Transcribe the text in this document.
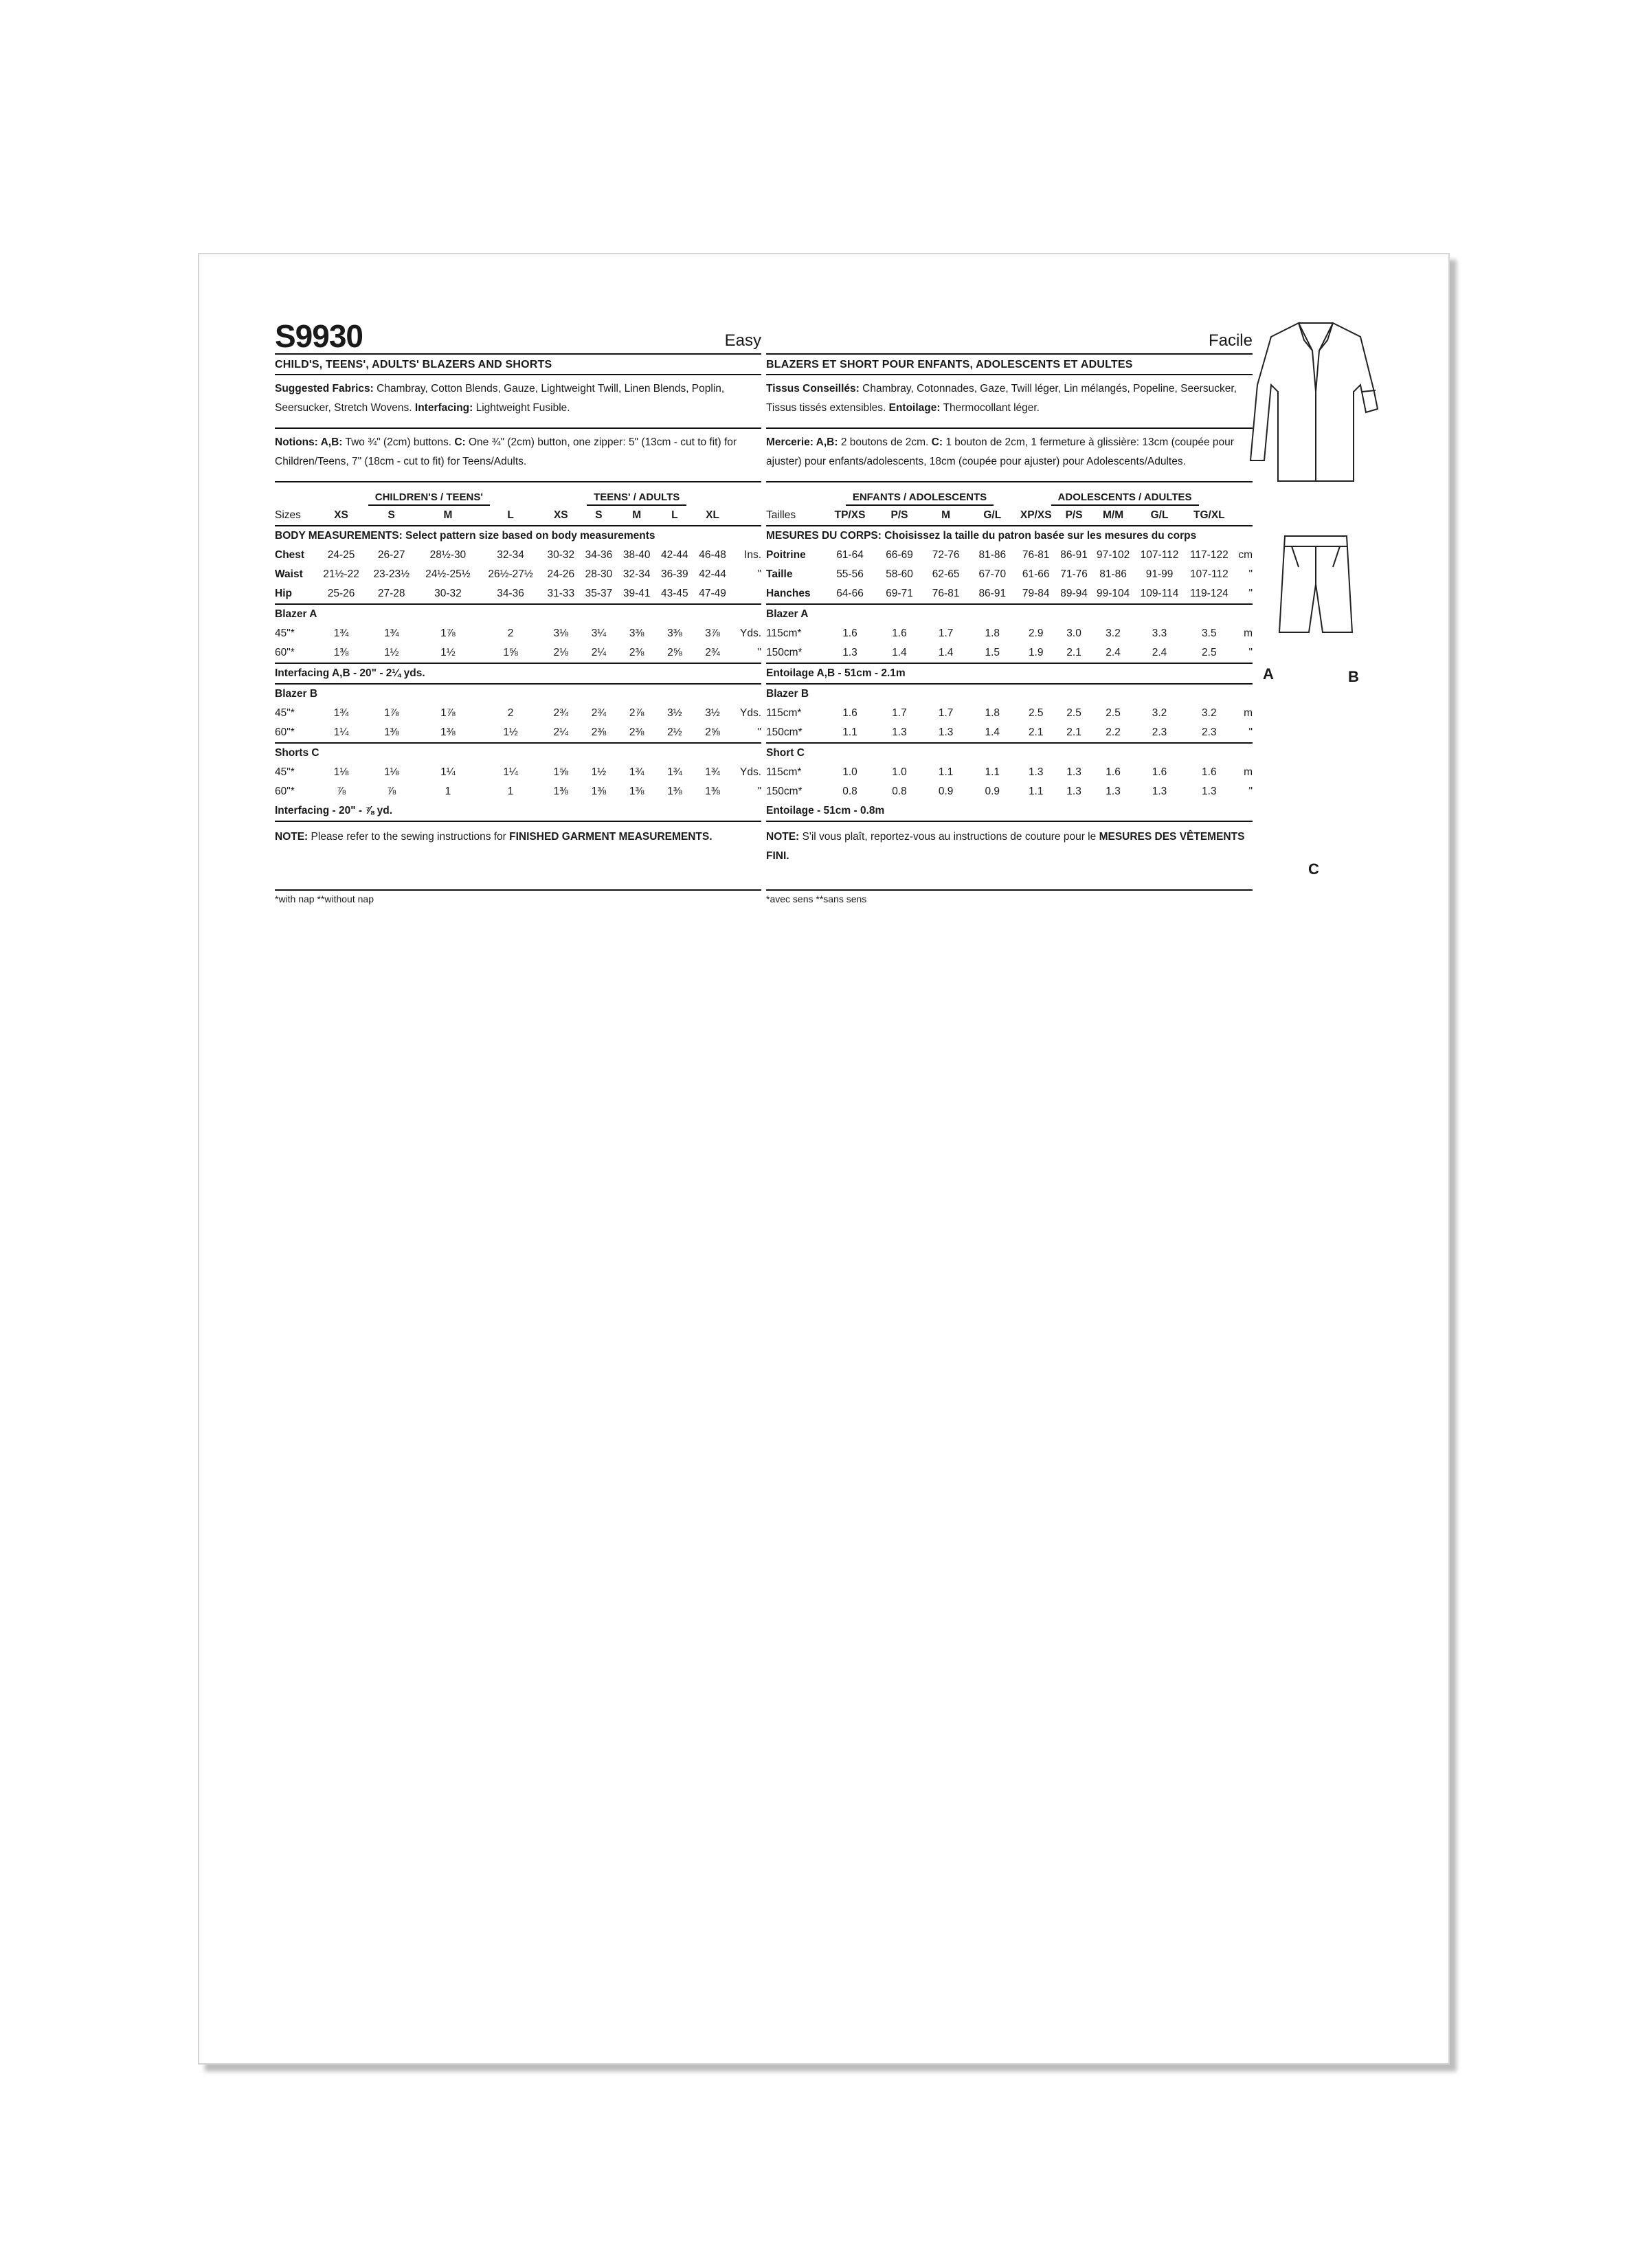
S9930	Easy
CHILD'S, TEENS', ADULTS' BLAZERS AND SHORTS
Suggested Fabrics: Chambray, Cotton Blends, Gauze, Lightweight Twill, Linen Blends, Poplin, Seersucker, Stretch Wovens. Interfacing: Lightweight Fusible.
Notions: A,B: Two ¾" (2cm) buttons. C: One ¾" (2cm) button, one zipper: 5" (13cm - cut to fit) for Children/Teens, 7" (18cm - cut to fit) for Teens/Adults.
	CHILDREN'S / TEENS'				TEENS' / ADULTS					
Sizes	XS	S	M	L	XS	S	M	L	XL	
BODY MEASUREMENTS: Select pattern size based on body measurements										
Chest	24-25	26-27	28½-30	32-34	30-32	34-36	38-40	42-44	46-48	Ins.
Waist	21½-22	23-23½	24½-25½	26½-27½	24-26	28-30	32-34	36-39	42-44	"
Hip	25-26	27-28	30-32	34-36	31-33	35-37	39-41	43-45	47-49	
Blazer A										
45"*	1¾	1¾	1⅞	2	3⅛	3¼	3⅜	3⅜	3⅞	Yds.
60"*	1⅜	1½	1½	1⅝	2⅛	2¼	2⅜	2⅝	2¾	"
Interfacing A,B - 20" - 2¼ yds.										
Blazer B										
45"*	1¾	1⅞	1⅞	2	2¾	2¾	2⅞	3½	3½	Yds.
60"*	1¼	1⅜	1⅜	1½	2¼	2⅜	2⅜	2½	2⅝	"
Shorts C										
45"*	1⅛	1⅛	1¼	1¼	1⅝	1½	1¾	1¾	1¾	Yds.
60"*	⅞	⅞	1	1	1⅜	1⅜	1⅜	1⅜	1⅜	"
Interfacing - 20" - ⅞ yd.										
NOTE: Please refer to the sewing instructions for FINISHED GARMENT MEASUREMENTS.
*with nap **without nap
Facile
BLAZERS ET SHORT POUR ENFANTS, ADOLESCENTS ET ADULTES
Tissus Conseillés: Chambray, Cotonnades, Gaze, Twill léger, Lin mélangés, Popeline, Seersucker, Tissus tissés extensibles. Entoilage: Thermocollant léger.
Mercerie: A,B: 2 boutons de 2cm. C: 1 bouton de 2cm, 1 fermeture à glissière: 13cm (coupée pour ajuster) pour enfants/adolescents, 18cm (coupée pour ajuster) pour Adolescents/Adultes.
	ENFANTS / ADOLESCENTS				ADOLESCENTS / ADULTES					
Tailles	TP/XS	P/S	M	G/L	XP/XS	P/S	M/M	G/L	TG/XL	
MESURES DU CORPS: Choisissez la taille du patron basée sur les mesures du corps										
Poitrine	61-64	66-69	72-76	81-86	76-81	86-91	97-102	107-112	117-122	cm
Taille	55-56	58-60	62-65	67-70	61-66	71-76	81-86	91-99	107-112	"
Hanches	64-66	69-71	76-81	86-91	79-84	89-94	99-104	109-114	119-124	"
Blazer A										
115cm*	1.6	1.6	1.7	1.8	2.9	3.0	3.2	3.3	3.5	m
150cm*	1.3	1.4	1.4	1.5	1.9	2.1	2.4	2.4	2.5	"
Entoilage A,B - 51cm - 2.1m										
Blazer B										
115cm*	1.6	1.7	1.7	1.8	2.5	2.5	2.5	3.2	3.2	m
150cm*	1.1	1.3	1.3	1.4	2.1	2.1	2.2	2.3	2.3	"
Short C										
115cm*	1.0	1.0	1.1	1.1	1.3	1.3	1.6	1.6	1.6	m
150cm*	0.8	0.8	0.9	0.9	1.1	1.3	1.3	1.3	1.3	"
Entoilage - 51cm - 0.8m										
NOTE: S'il vous plaît, reportez-vous au instructions de couture pour le MESURES DES VÊTEMENTS FINI.
*avec sens **sans sens
A	B
C
